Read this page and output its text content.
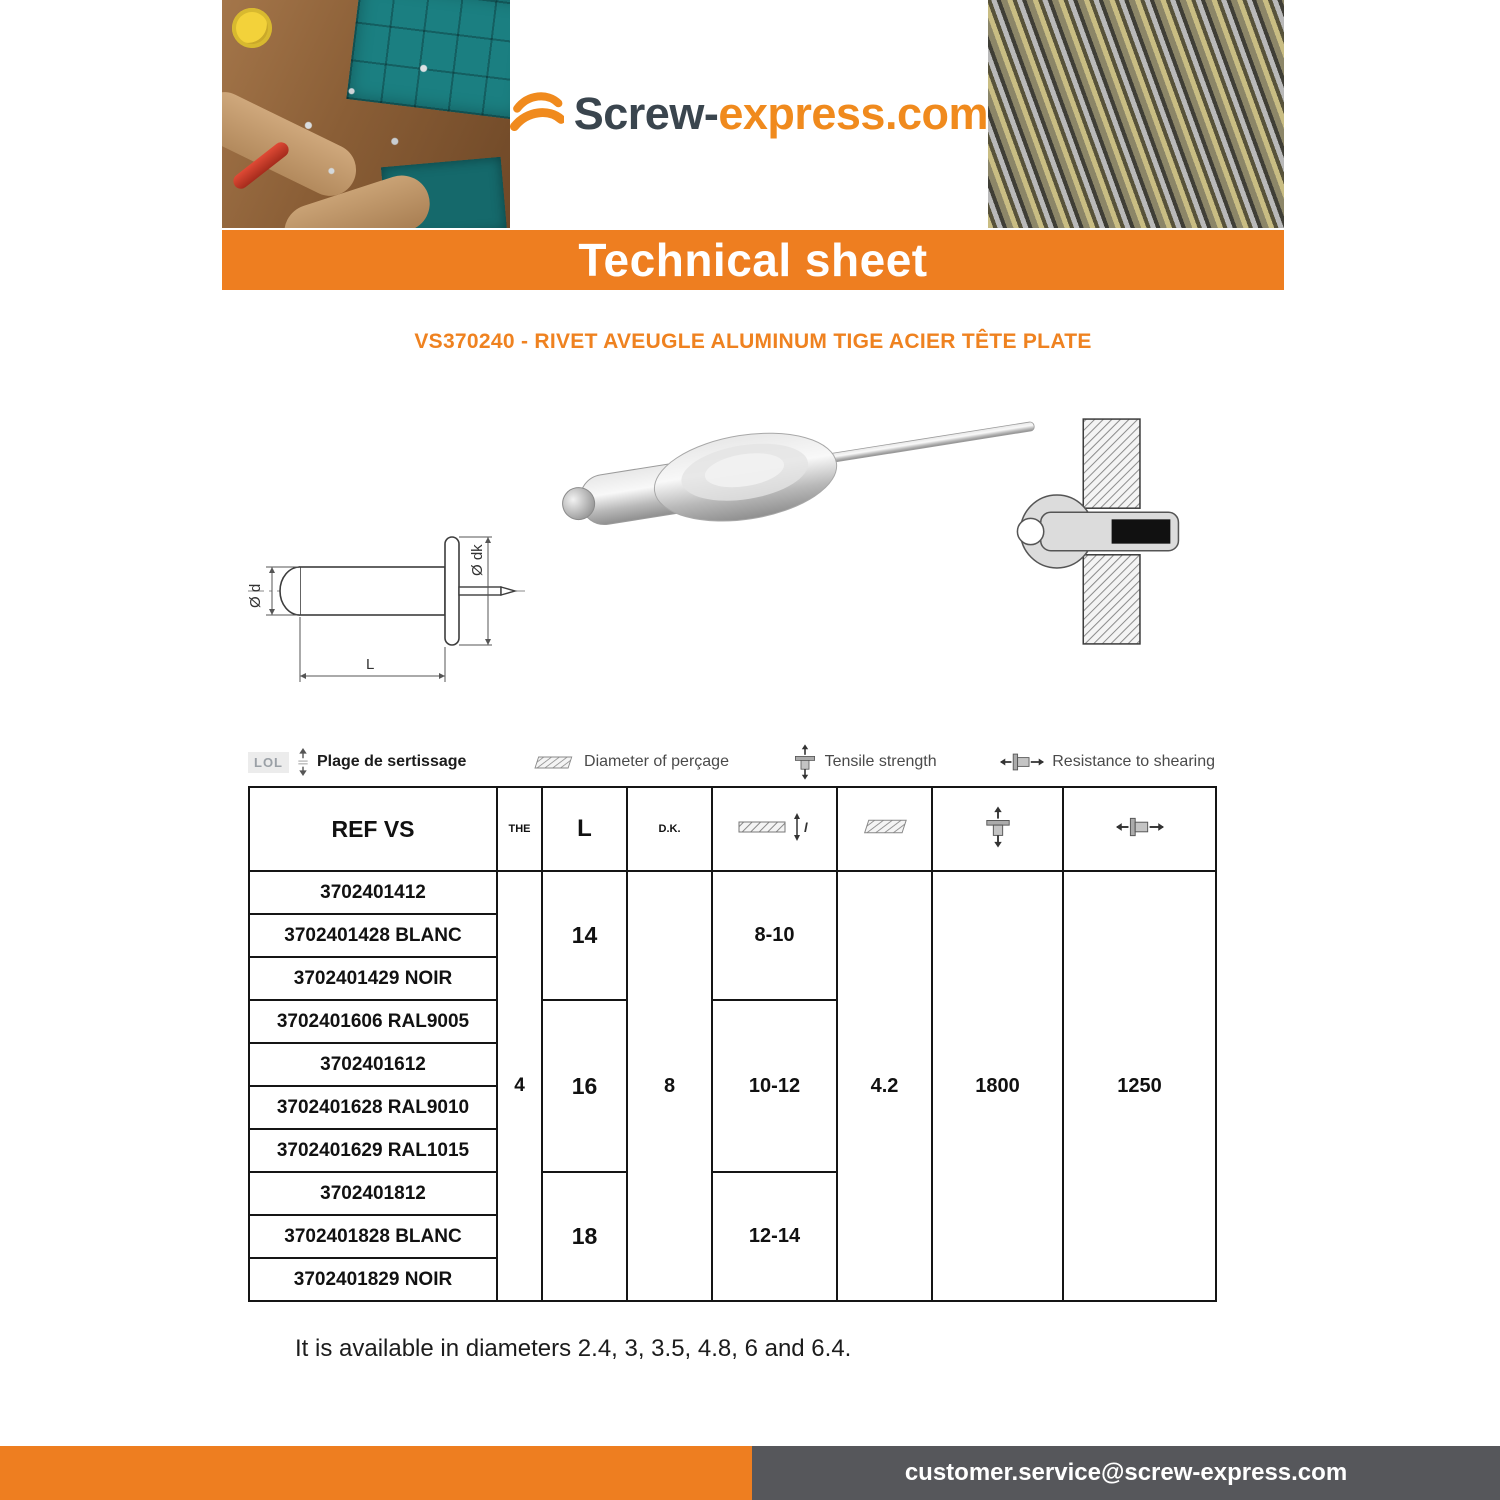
Screw-express.com
Technical sheet
VS370240 - RIVET AVEUGLE ALUMINUM TIGE ACIER TÊTE PLATE
Ø d
Ø dk
L
LOL	Plage de sertissage	Diameter of perçage	Tensile strength	Resistance to shearing
REF VS	THE	L	D.K.	l

3702401412	4	14	8	8-10	4.2	1800	1250
3702401428 BLANC							
3702401429 NOIR							
3702401606 RAL9005		16		10-12			
3702401612							
3702401628 RAL9010							
3702401629 RAL1015							
3702401812		18		12-14			
3702401828 BLANC							
3702401829 NOIR							
It is available in diameters 2.4, 3, 3.5, 4.8, 6 and 6.4.
customer.service@screw-express.com
